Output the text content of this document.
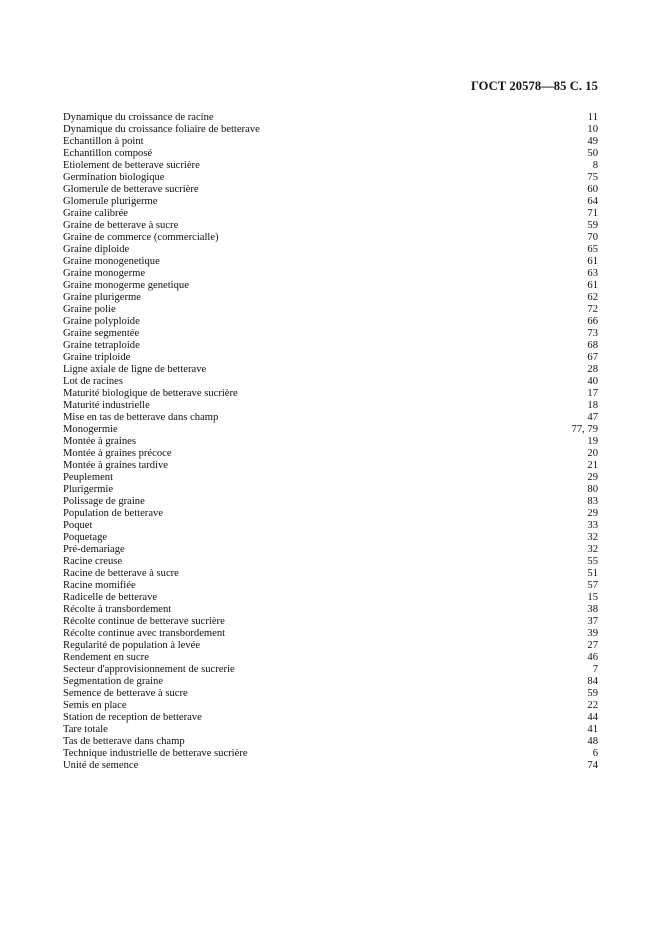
ГОСТ 20578—85 С. 15
Dynamique du croissance de racine	11
Dynamique du croissance foliaire de betterave	10
Echantillon à point	49
Echantillon composé	50
Etiolement de betterave sucrière	8
Germination biologique	75
Glomerule de betterave sucrière	60
Glomerule plurigerme	64
Graine calibrée	71
Graine de betterave à sucre	59
Graine de commerce (commercialle)	70
Graine diploide	65
Graine monogenetique	61
Graine monogerme	63
Graine monogerme genetique	61
Graine plurigerme	62
Graine polie	72
Graine polyploide	66
Graine segmentée	73
Graine tetraploide	68
Graine triploide	67
Ligne axiale de ligne de betterave	28
Lot de racines	40
Maturité biologique de betterave sucrière	17
Maturité industrielle	18
Mise en tas de betterave dans champ	47
Monogermie	77, 79
Montée à graines	19
Montée à graines précoce	20
Montée à graines tardive	21
Peuplement	29
Plurigermie	80
Polissage de graine	83
Population de betterave	29
Poquet	33
Poquetage	32
Pré-demariage	32
Racine creuse	55
Racine de betterave à sucre	51
Racine momifiée	57
Radicelle de betterave	15
Récolte à transbordement	38
Récolte continue de betterave sucrière	37
Récolte continue avec transbordement	39
Regularité de population à levée	27
Rendement en sucre	46
Secteur d'approvisionnement de sucrerie	7
Segmentation de graine	84
Semence de betterave à sucre	59
Semis en place	22
Station de reception de betterave	44
Tare totale	41
Tas de betterave dans champ	48
Technique industrielle de betterave sucrière	6
Unité de semence	74
